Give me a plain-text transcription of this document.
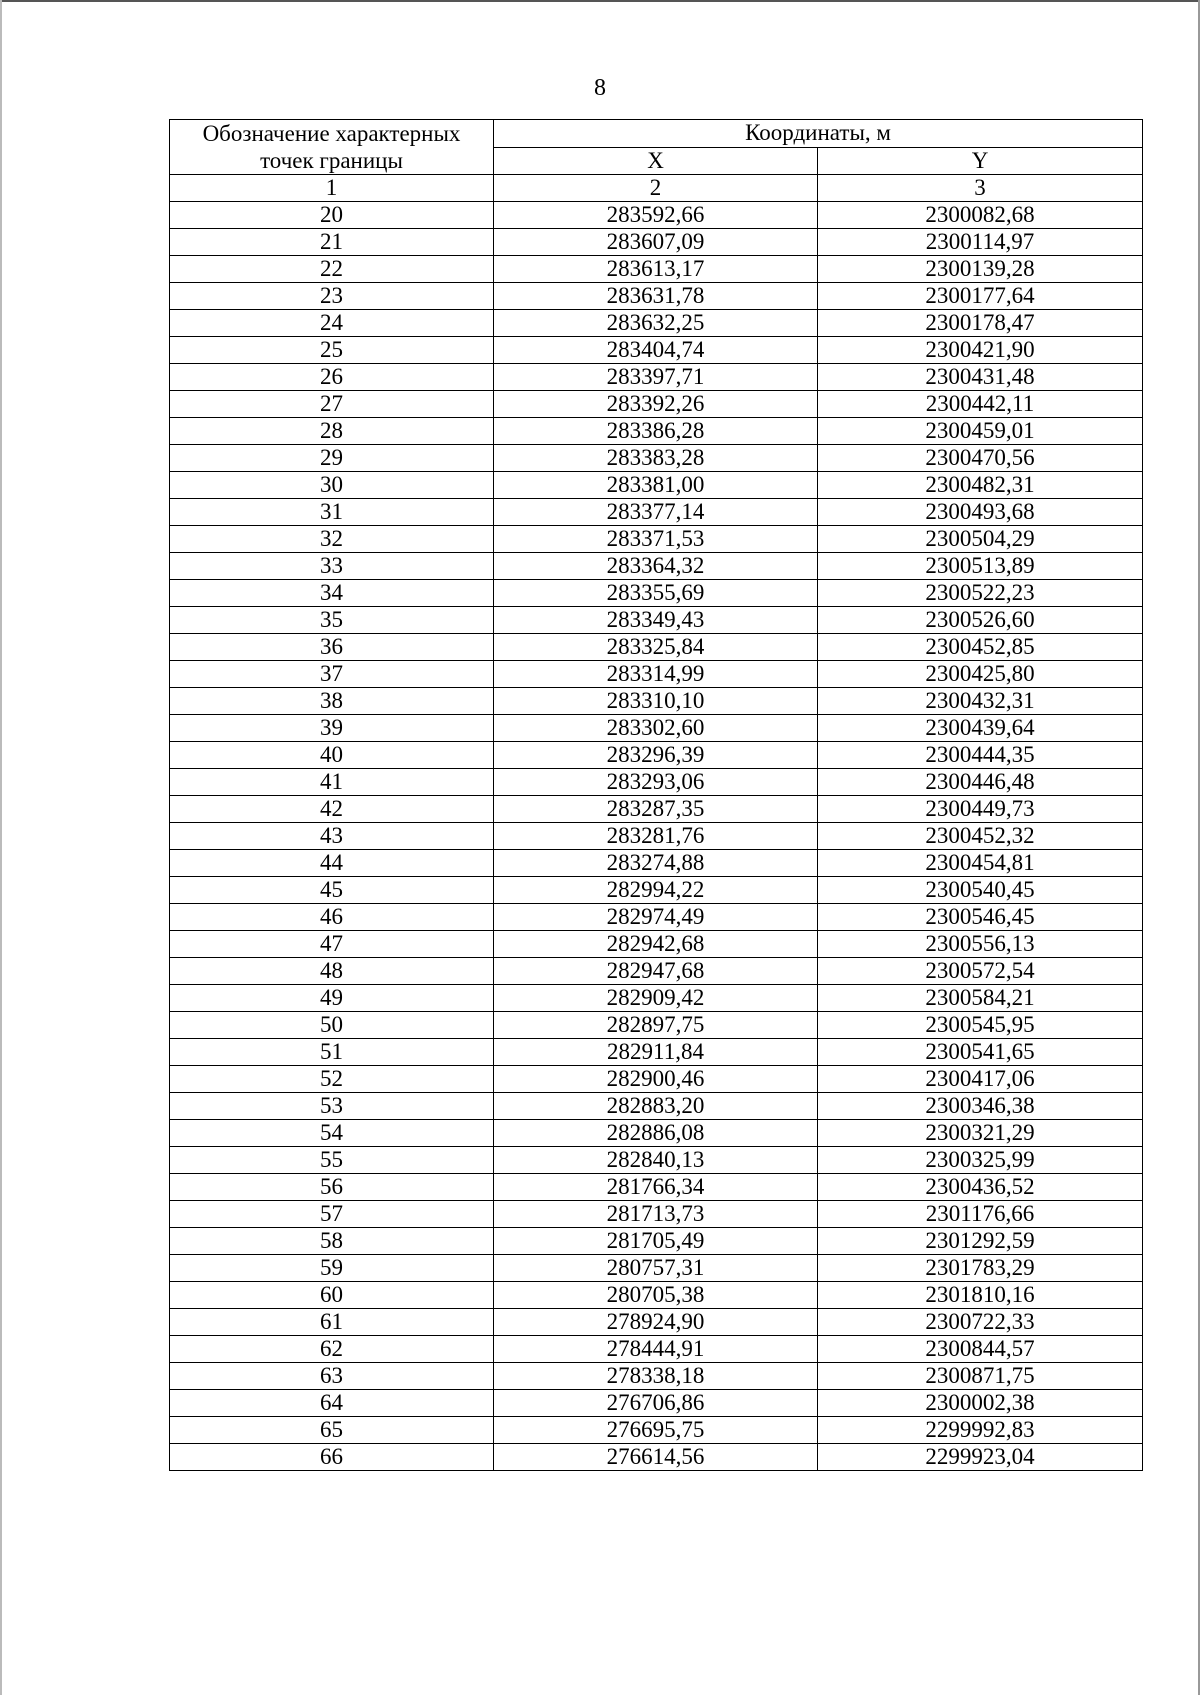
8
Обозначение характерных точек границы	Координаты, м	
	X	Y
1	2	3
20	283592,66	2300082,68
21	283607,09	2300114,97
22	283613,17	2300139,28
23	283631,78	2300177,64
24	283632,25	2300178,47
25	283404,74	2300421,90
26	283397,71	2300431,48
27	283392,26	2300442,11
28	283386,28	2300459,01
29	283383,28	2300470,56
30	283381,00	2300482,31
31	283377,14	2300493,68
32	283371,53	2300504,29
33	283364,32	2300513,89
34	283355,69	2300522,23
35	283349,43	2300526,60
36	283325,84	2300452,85
37	283314,99	2300425,80
38	283310,10	2300432,31
39	283302,60	2300439,64
40	283296,39	2300444,35
41	283293,06	2300446,48
42	283287,35	2300449,73
43	283281,76	2300452,32
44	283274,88	2300454,81
45	282994,22	2300540,45
46	282974,49	2300546,45
47	282942,68	2300556,13
48	282947,68	2300572,54
49	282909,42	2300584,21
50	282897,75	2300545,95
51	282911,84	2300541,65
52	282900,46	2300417,06
53	282883,20	2300346,38
54	282886,08	2300321,29
55	282840,13	2300325,99
56	281766,34	2300436,52
57	281713,73	2301176,66
58	281705,49	2301292,59
59	280757,31	2301783,29
60	280705,38	2301810,16
61	278924,90	2300722,33
62	278444,91	2300844,57
63	278338,18	2300871,75
64	276706,86	2300002,38
65	276695,75	2299992,83
66	276614,56	2299923,04
